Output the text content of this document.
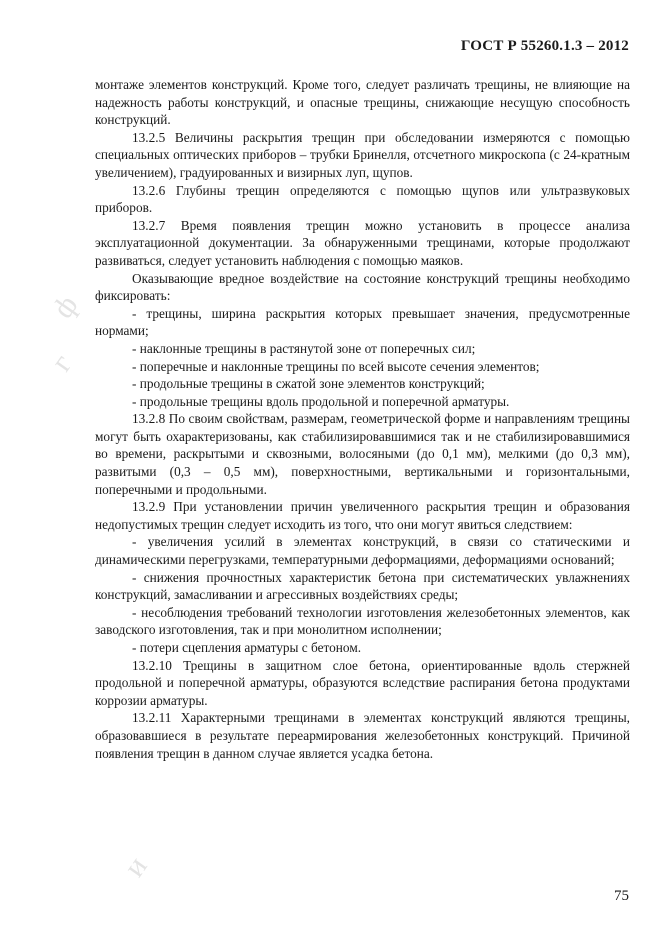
ГОСТ Р 55260.1.3 – 2012
ф
г
и

монтаже элементов конструкций. Кроме того, следует различать трещины, не влияющие на надежность работы конструкций, и опасные трещины, снижающие несущую способность конструкций.

13.2.5 Величины раскрытия трещин при обследовании измеряются с помощью специальных оптических приборов – трубки Бринелля, отсчетного микроскопа (с 24-кратным увеличением), градуированных и визирных луп, щупов.

13.2.6 Глубины трещин определяются с помощью щупов или ультразвуковых приборов.

13.2.7 Время появления трещин можно установить в процессе анализа эксплуатационной документации. За обнаруженными трещинами, которые продолжают развиваться, следует установить наблюдения с помощью маяков.

Оказывающие вредное воздействие на состояние конструкций трещины необходимо фиксировать:

- трещины, ширина раскрытия которых превышает значения, предусмотренные нормами;

- наклонные трещины в растянутой зоне от поперечных сил;

- поперечные и наклонные трещины по всей высоте сечения элементов;

- продольные трещины в сжатой зоне элементов конструкций;

- продольные трещины вдоль продольной и поперечной арматуры.

13.2.8 По своим свойствам, размерам, геометрической форме и направлениям трещины могут быть охарактеризованы, как стабилизировавшимися так и не стабилизировавшимися во времени, раскрытыми и сквозными, волосяными (до 0,1 мм), мелкими (до 0,3 мм), развитыми (0,3 – 0,5 мм), поверхностными, вертикальными и горизонтальными, поперечными и продольными.

13.2.9 При установлении причин увеличенного раскрытия трещин и образования недопустимых трещин следует исходить из того, что они могут явиться следствием:

- увеличения усилий в элементах конструкций, в связи со статическими и динамическими перегрузками, температурными деформациями, деформациями оснований;

- снижения прочностных характеристик бетона при систематических увлажнениях конструкций, замасливании и агрессивных воздействиях среды;

- несоблюдения требований технологии изготовления железобетонных элементов, как заводского изготовления, так и при монолитном исполнении;

- потери сцепления арматуры с бетоном.

13.2.10 Трещины в защитном слое бетона, ориентированные вдоль стержней продольной и поперечной арматуры, образуются вследствие распирания бетона продуктами коррозии арматуры.

13.2.11 Характерными трещинами в элементах конструкций являются трещины, образовавшиеся в результате переармирования железобетонных конструкций. Причиной появления трещин в данном случае является усадка бетона.

75
